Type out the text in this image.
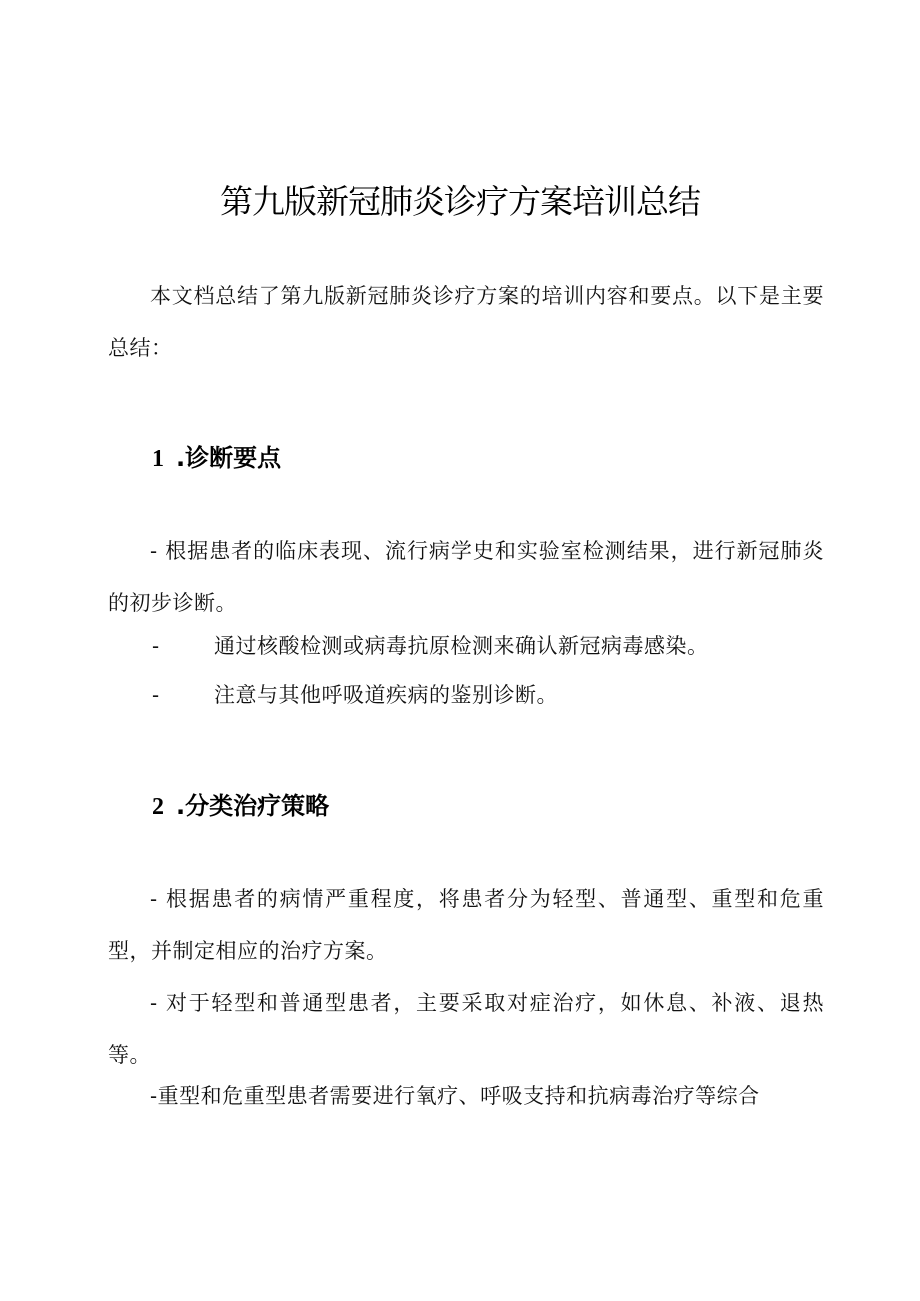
第九版新冠肺炎诊疗方案培训总结

本文档总结了第九版新冠肺炎诊疗方案的培训内容和要点。以下是主要总结：

1 .诊断要点

- 根据患者的临床表现、流行病学史和实验室检测结果，进行新冠肺炎的初步诊断。

-	通过核酸检测或病毒抗原检测来确认新冠病毒感染。
-	注意与其他呼吸道疾病的鉴别诊断。
2 .分类治疗策略

- 根据患者的病情严重程度，将患者分为轻型、普通型、重型和危重型，并制定相应的治疗方案。

- 对于轻型和普通型患者，主要采取对症治疗，如休息、补液、退热等。

-重型和危重型患者需要进行氧疗、呼吸支持和抗病毒治疗等综合
